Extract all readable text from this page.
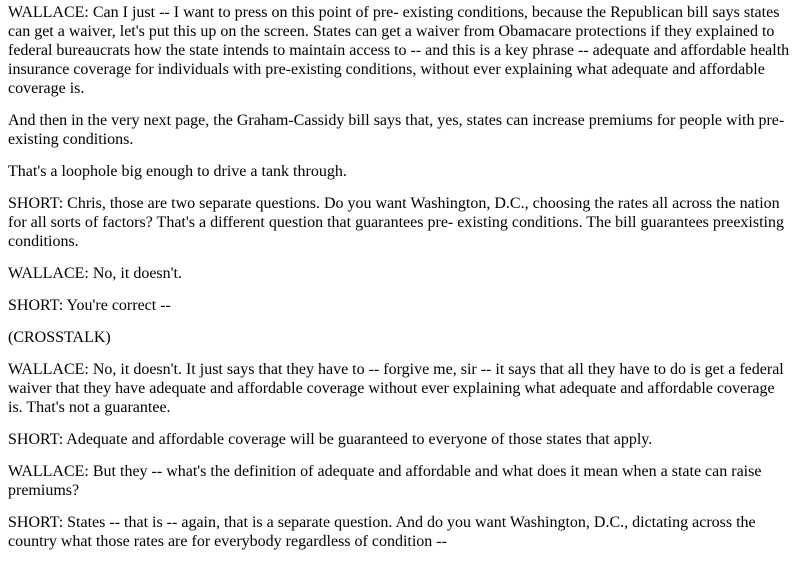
WALLACE: Can I just -- I want to press on this point of pre- existing conditions, because the Republican bill says states can get a waiver, let's put this up on the screen. States can get a waiver from Obamacare protections if they explained to federal bureaucrats how the state intends to maintain access to -- and this is a key phrase -- adequate and affordable health insurance coverage for individuals with pre-existing conditions, without ever explaining what adequate and affordable coverage is.

And then in the very next page, the Graham-Cassidy bill says that, yes, states can increase premiums for people with pre-existing conditions.

That's a loophole big enough to drive a tank through.

SHORT: Chris, those are two separate questions. Do you want Washington, D.C., choosing the rates all across the nation for all sorts of factors? That's a different question that guarantees pre- existing conditions. The bill guarantees preexisting conditions.

WALLACE: No, it doesn't.

SHORT: You're correct --

(CROSSTALK)

WALLACE: No, it doesn't. It just says that they have to -- forgive me, sir -- it says that all they have to do is get a federal waiver that they have adequate and affordable coverage without ever explaining what adequate and affordable coverage is. That's not a guarantee.

SHORT: Adequate and affordable coverage will be guaranteed to everyone of those states that apply.

WALLACE: But they -- what's the definition of adequate and affordable and what does it mean when a state can raise premiums?

SHORT: States -- that is -- again, that is a separate question. And do you want Washington, D.C., dictating across the country what those rates are for everybody regardless of condition --
